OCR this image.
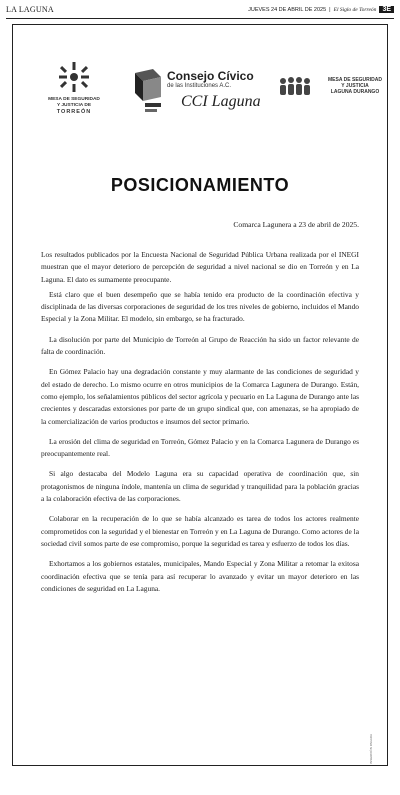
LA LAGUNA	JUEVES 24 DE ABRIL DE 2025 | El Siglo de Torreón 3E
MESA DE SEGURIDAD
Y JUSTICIA DE
TORREÓN
Consejo Cívico
de las Instituciones A.C.
CCI Laguna
MESA DE SEGURIDAD
Y JUSTICIA
LAGUNA DURANGO
POSICIONAMIENTO
Comarca Lagunera a 23 de abril de 2025.

Los resultados publicados por la Encuesta Nacional de Seguridad Pública Urbana realizada por el INEGI muestran que el mayor deterioro de percepción de seguridad a nivel nacional se dio en Torreón y en La Laguna. El dato es sumamente preocupante.

Está claro que el buen desempeño que se había tenido era producto de la coordinación efectiva y disciplinada de las diversas corporaciones de seguridad de los tres niveles de gobierno, incluidos el Mando Especial y la Zona Militar. El modelo, sin embargo, se ha fracturado.

La disolución por parte del Municipio de Torreón al Grupo de Reacción ha sido un factor relevante de falta de coordinación.

En Gómez Palacio hay una degradación constante y muy alarmante de las condiciones de seguridad y del estado de derecho. Lo mismo ocurre en otros municipios de la Comarca Lagunera de Durango. Están, como ejemplo, los señalamientos públicos del sector agrícola y pecuario en La Laguna de Durango ante las crecientes y descaradas extorsiones por parte de un grupo sindical que, con amenazas, se ha apropiado de la comercialización de varios productos e insumos del sector primario.

La erosión del clima de seguridad en Torreón, Gómez Palacio y en la Comarca Lagunera de Durango es preocupantemente real.

Si algo destacaba del Modelo Laguna era su capacidad operativa de coordinación que, sin protagonismos de ninguna índole, mantenía un clima de seguridad y tranquilidad para la población gracias a la colaboración efectiva de las corporaciones.

Colaborar en la recuperación de lo que se había alcanzado es tarea de todos los actores realmente comprometidos con la seguridad y el bienestar en Torreón y en La Laguna de Durango. Como actores de la sociedad civil somos parte de ese compromiso, porque la seguridad es tarea y esfuerzo de todos los días.

Exhortamos a los gobiernos estatales, municipales, Mando Especial y Zona Militar a retomar la exitosa coordinación efectiva que se tenía para así recuperar lo avanzado y evitar un mayor deterioro en las condiciones de seguridad en La Laguna.

INSERCIÓN PAGADA
